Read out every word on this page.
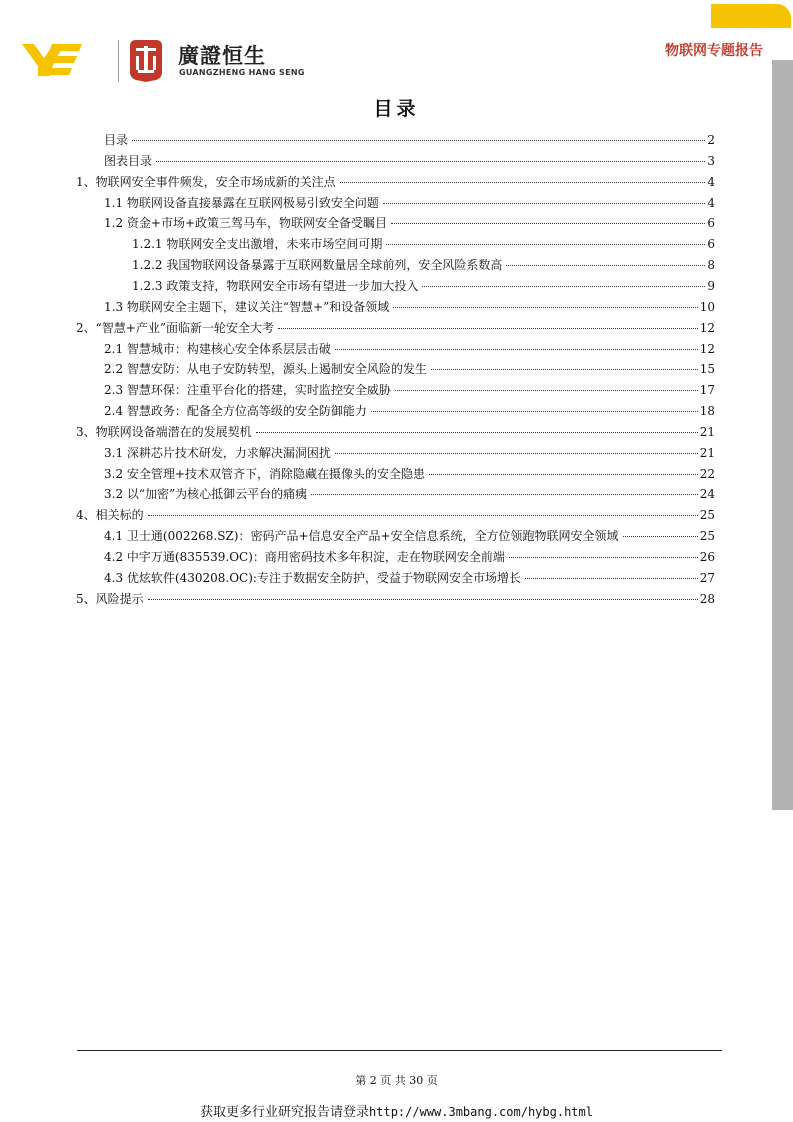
物联网专题报告
廣證恒生
GUANGZHENG HANG SENG
目录
目录	2
图表目录	3
1、物联网安全事件频发，安全市场成新的关注点	4
1.1 物联网设备直接暴露在互联网极易引致安全问题	4
1.2 资金+市场+政策三驾马车，物联网安全备受瞩目	6
1.2.1 物联网安全支出激增，未来市场空间可期	6
1.2.2 我国物联网设备暴露于互联网数量居全球前列，安全风险系数高	8
1.2.3 政策支持，物联网安全市场有望进一步加大投入	9
1.3 物联网安全主题下，建议关注“智慧+”和设备领域	10
2、“智慧+产业”面临新一轮安全大考	12
2.1 智慧城市：构建核心安全体系层层击破	12
2.2 智慧安防：从电子安防转型，源头上遏制安全风险的发生	15
2.3 智慧环保：注重平台化的搭建，实时监控安全威胁	17
2.4 智慧政务：配备全方位高等级的安全防御能力	18
3、物联网设备端潜在的发展契机	21
3.1 深耕芯片技术研发，力求解决漏洞困扰	21
3.2 安全管理+技术双管齐下，消除隐藏在摄像头的安全隐患	22
3.2 以“加密”为核心抵御云平台的痛痍	24
4、相关标的	25
4.1 卫士通(002268.SZ)：密码产品+信息安全产品+安全信息系统，全方位领跑物联网安全领域	25
4.2 中宇万通(835539.OC)：商用密码技术多年积淀，走在物联网安全前端	26
4.3 优炫软件(430208.OC):专注于数据安全防护，受益于物联网安全市场增长	27
5、风险提示	28
第 2 页 共 30 页
获取更多行业研究报告请登录http://www.3mbang.com/hybg.html
